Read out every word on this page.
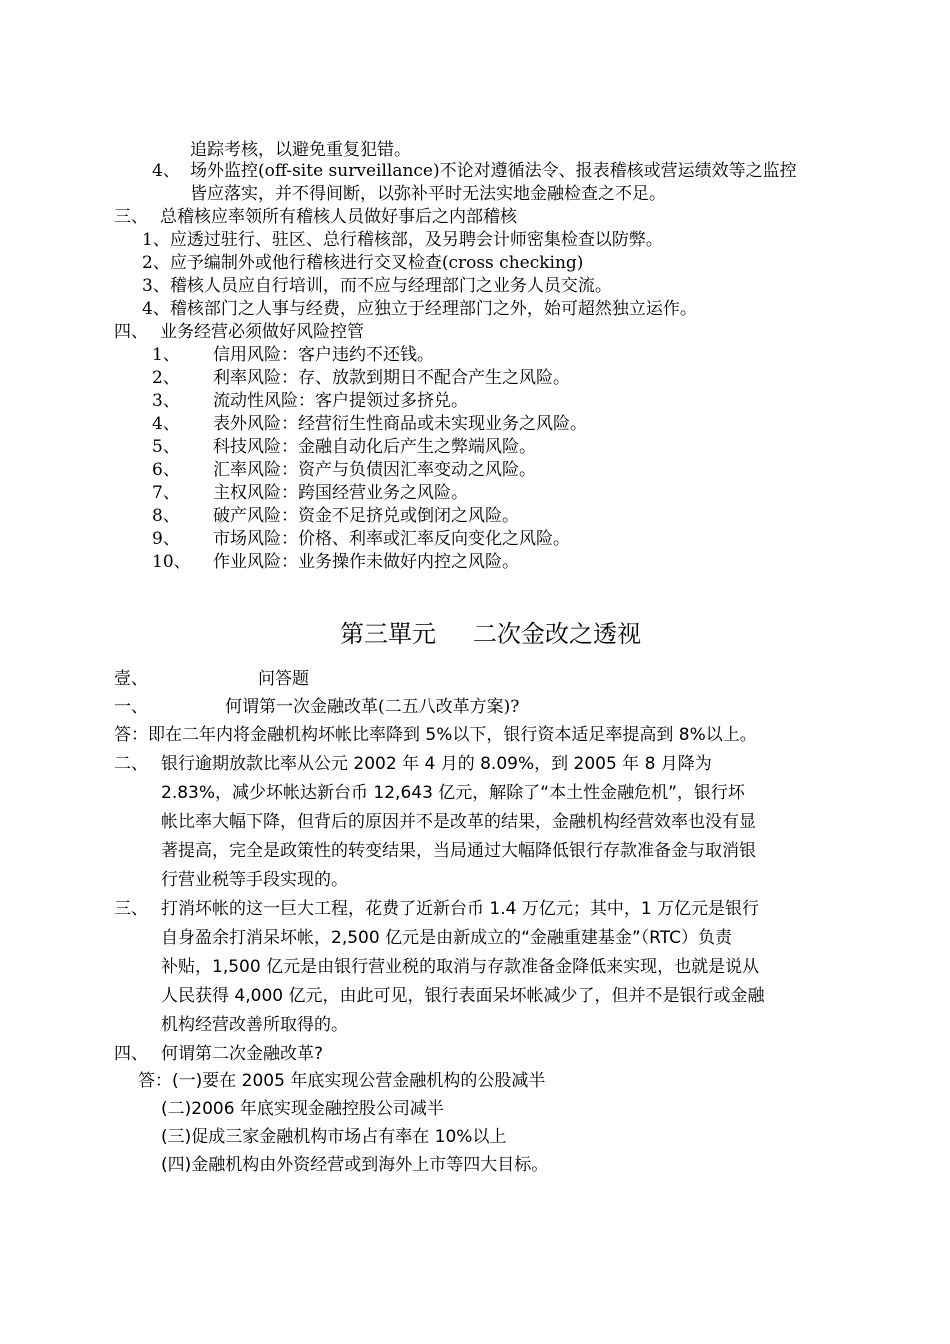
追踪考核，以避免重复犯错。
4、 场外监控(off-site surveillance)不论对遵循法令、报表稽核或营运绩效等之监控
皆应落实，并不得间断，以弥补平时无法实地金融检查之不足。
三、 总稽核应率领所有稽核人员做好事后之内部稽核
1、应透过驻行、驻区、总行稽核部，及另聘会计师密集检查以防弊。
2、应予编制外或他行稽核进行交叉检查(cross checking)
3、稽核人员应自行培训，而不应与经理部门之业务人员交流。
4、稽核部门之人事与经费，应独立于经理部门之外，始可超然独立运作。
四、 业务经营必须做好风险控管
1、 信用风险：客户违约不还钱。
2、 利率风险：存、放款到期日不配合产生之风险。
3、 流动性风险：客户提领过多挤兑。
4、 表外风险：经营衍生性商品或未实现业务之风险。
5、 科技风险：金融自动化后产生之弊端风险。
6、 汇率风险：资产与负债因汇率变动之风险。
7、 主权风险：跨国经营业务之风险。
8、 破产风险：资金不足挤兑或倒闭之风险。
9、 市场风险：价格、利率或汇率反向变化之风险。
10、 作业风险：业务操作未做好内控之风险。
第三單元 二次金改之透视
壹、	问答题
一、	何谓第一次金融改革(二五八改革方案)?
答：即在二年内将金融机构坏帐比率降到 5%以下，银行资本适足率提高到 8%以上。
二、 银行逾期放款比率从公元 2002 年 4 月的 8.09%，到 2005 年 8 月降为
2.83%，减少坏帐达新台币 12,643 亿元，解除了“本土性金融危机”，银行坏
帐比率大幅下降，但背后的原因并不是改革的结果，金融机构经营效率也没有显
著提高，完全是政策性的转变结果，当局通过大幅降低银行存款准备金与取消银
行营业税等手段实现的。
三、 打消坏帐的这一巨大工程，花费了近新台币 1.4 万亿元；其中，1 万亿元是银行
自身盈余打消呆坏帐，2,500 亿元是由新成立的“金融重建基金”（RTC）负责
补贴，1,500 亿元是由银行营业税的取消与存款准备金降低来实现，也就是说从
人民获得 4,000 亿元，由此可见，银行表面呆坏帐减少了，但并不是银行或金融
机构经营改善所取得的。
四、 何谓第二次金融改革?
答：(一)要在 2005 年底实现公营金融机构的公股减半
(二)2006 年底实现金融控股公司减半
(三)促成三家金融机构市场占有率在 10%以上
(四)金融机构由外资经营或到海外上市等四大目标。
